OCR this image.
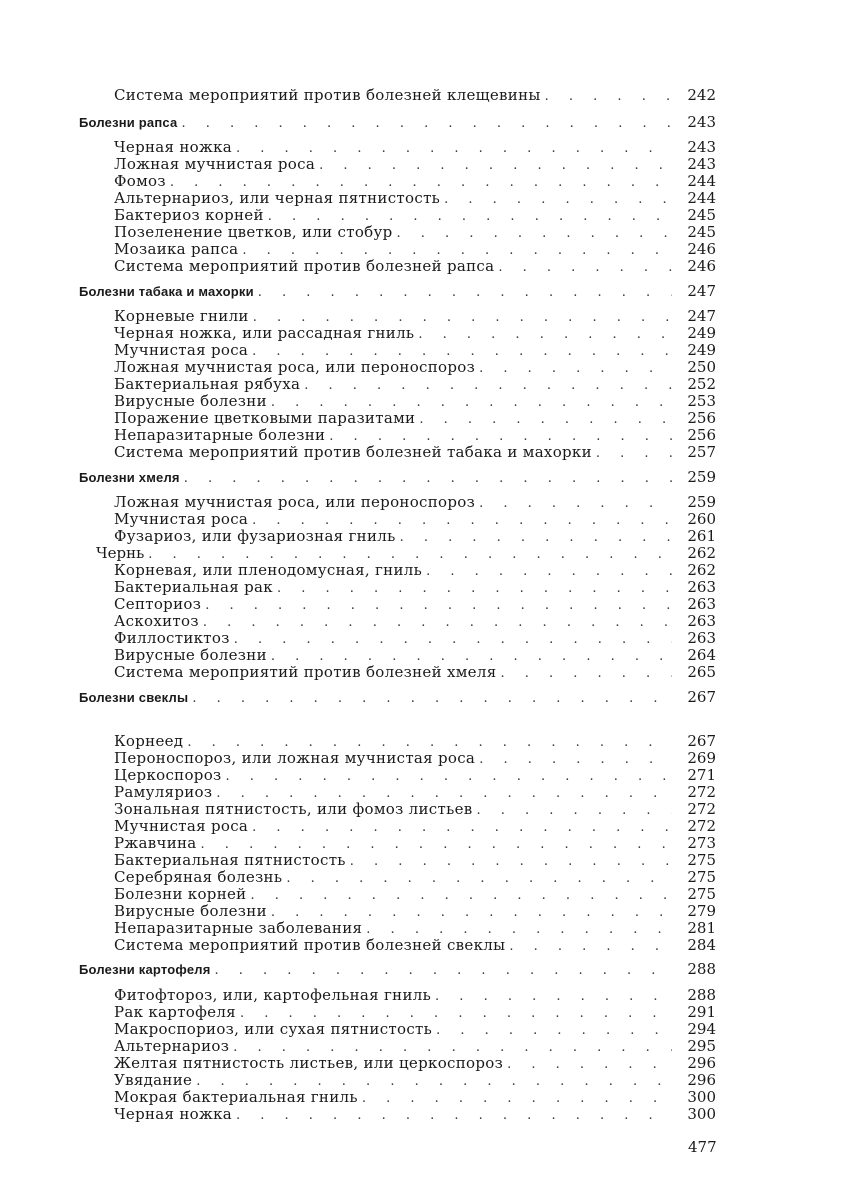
Система мероприятий против болезней клещевины . . .	242
Болезни рапса . . .	243
Черная ножка . . .	243
Ложная мучнистая роса . . .	243
Фомоз . . .	244
Альтернариоз, или черная пятнистость . . .	244
Бактериоз корней . . .	245
Позеленение цветков, или стобур . . .	245
Мозаика рапса . . .	246
Система мероприятий против болезней рапса . . .	246
Болезни табака и махорки . . .	247
Корневые гнили . . .	247
Черная ножка, или рассадная гниль . . .	249
Мучнистая роса . . .	249
Ложная мучнистая роса, или пероноспороз . . .	250
Бактериальная рябуха . . .	252
Вирусные болезни . . .	253
Поражение цветковыми паразитами . . .	256
Непаразитарные болезни . . .	256
Система мероприятий против болезней табака и махорки . . .	257
Болезни хмеля . . .	259
Ложная мучнистая роса, или пероноспороз . . .	259
Мучнистая роса . . .	260
Фузариоз, или фузариозная гниль . . .	261
Чернь . . .	262
Корневая, или пленодомусная, гниль . . .	262
Бактериальная рак . . .	263
Септориоз . . .	263
Аскохитоз . . .	263
Филлостиктоз . . .	263
Вирусные болезни . . .	264
Система мероприятий против болезней хмеля . . .	265
Болезни свеклы . . .	267
Корнеед . . .	267
Пероноспороз, или ложная мучнистая роса . . .	269
Церкоспороз . . .	271
Рамуляриоз . . .	272
Зональная пятнистость, или фомоз листьев . . .	272
Мучнистая роса . . .	272
Ржавчина . . .	273
Бактериальная пятнистость . . .	275
Серебряная болезнь . . .	275
Болезни корней . . .	275
Вирусные болезни . . .	279
Непаразитарные заболевания . . .	281
Система мероприятий против болезней свеклы . . .	284
Болезни картофеля . . .	288
Фитофтороз, или, картофельная гниль . . .	288
Рак картофеля . . .	291
Макроспориоз, или сухая пятнистость . . .	294
Альтернариоз . . .	295
Желтая пятнистость листьев, или церкоспороз . . .	296
Увядание . . .	296
Мокрая бактериальная гниль . . .	300
Черная ножка . . .	300
477
